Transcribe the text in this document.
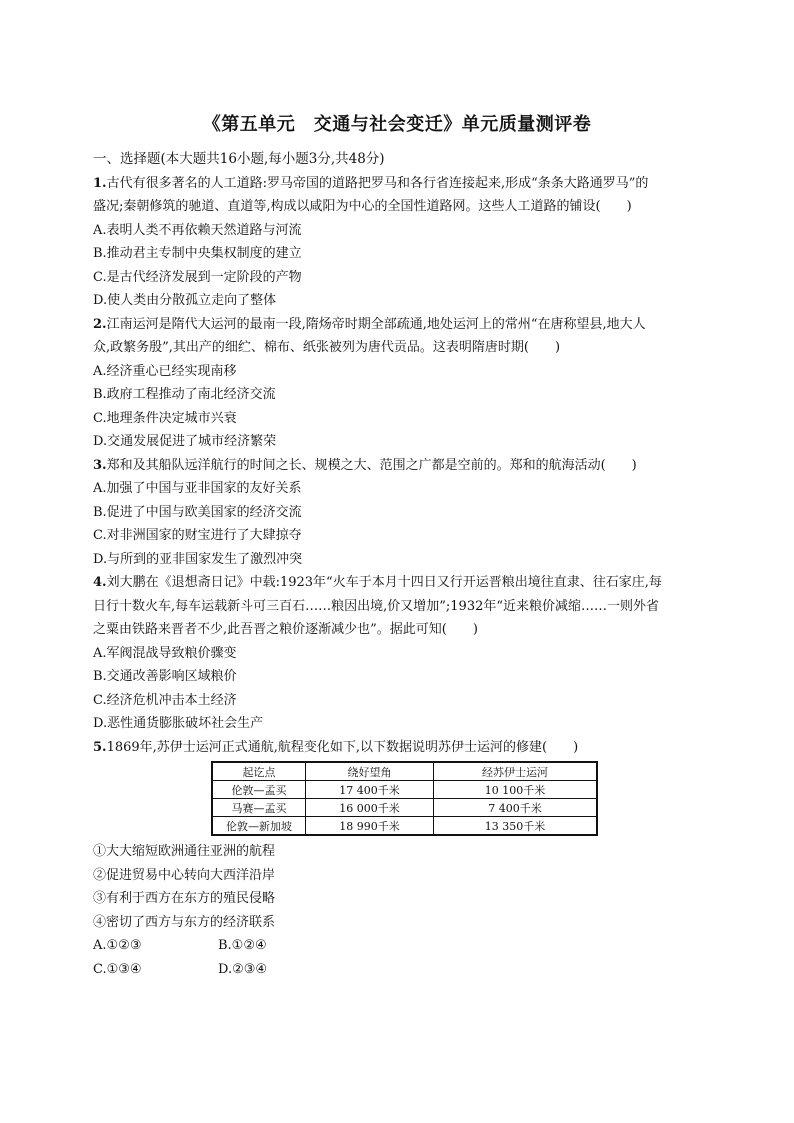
《第五单元　交通与社会变迁》单元质量测评卷
一、选择题(本大题共16小题,每小题3分,共48分)
1.古代有很多著名的人工道路:罗马帝国的道路把罗马和各行省连接起来,形成“条条大路通罗马”的
盛况;秦朝修筑的驰道、直道等,构成以咸阳为中心的全国性道路网。这些人工道路的铺设(　　)
A.表明人类不再依赖天然道路与河流
B.推动君主专制中央集权制度的建立
C.是古代经济发展到一定阶段的产物
D.使人类由分散孤立走向了整体
2.江南运河是隋代大运河的最南一段,隋炀帝时期全部疏通,地处运河上的常州“在唐称望县,地大人
众,政繁务殷”,其出产的细纻、棉布、纸张被列为唐代贡品。这表明隋唐时期(　　)
A.经济重心已经实现南移
B.政府工程推动了南北经济交流
C.地理条件决定城市兴衰
D.交通发展促进了城市经济繁荣
3.郑和及其船队远洋航行的时间之长、规模之大、范围之广都是空前的。郑和的航海活动(　　)
A.加强了中国与亚非国家的友好关系
B.促进了中国与欧美国家的经济交流
C.对非洲国家的财宝进行了大肆掠夺
D.与所到的亚非国家发生了激烈冲突
4.刘大鹏在《退想斋日记》中载:1923年“火车于本月十四日又行开运晋粮出境往直隶、往石家庄,每
日行十数火车,每车运载新斗可三百石……粮因出境,价又增加”;1932年“近来粮价减缩……一则外省
之粟由铁路来晋者不少,此吾晋之粮价逐渐减少也”。据此可知(　　)
A.军阀混战导致粮价骤变
B.交通改善影响区域粮价
C.经济危机冲击本土经济
D.恶性通货膨胀破坏社会生产
5.1869年,苏伊士运河正式通航,航程变化如下,以下数据说明苏伊士运河的修建(　　)
起讫点	绕好望角	经苏伊士运河
伦敦—孟买	17 400千米	10 100千米
马赛—孟买	16 000千米	7 400千米
伦敦—新加坡	18 990千米	13 350千米
①大大缩短欧洲通往亚洲的航程
②促进贸易中心转向大西洋沿岸
③有利于西方在东方的殖民侵略
④密切了西方与东方的经济联系
A.①②③	B.①②④
C.①③④	D.②③④
